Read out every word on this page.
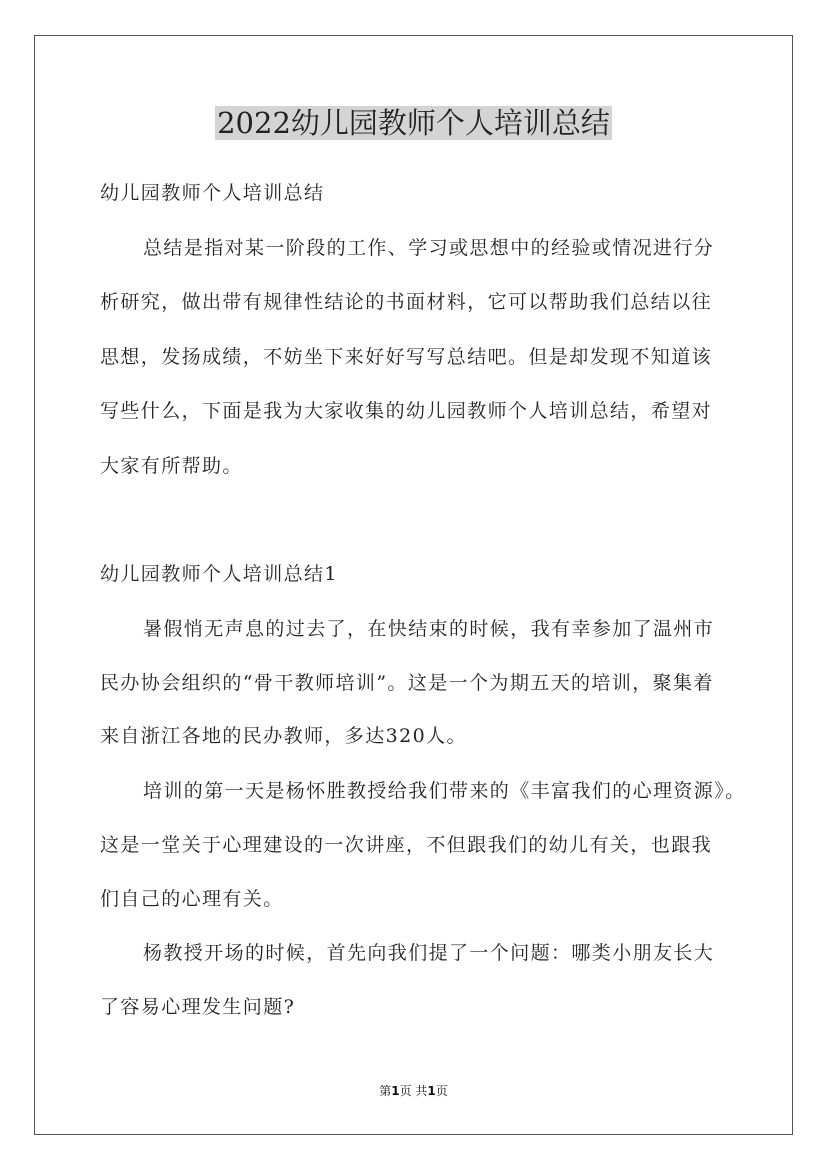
2022幼儿园教师个人培训总结
幼儿园教师个人培训总结
总结是指对某一阶段的工作、学习或思想中的经验或情况进行分
析研究，做出带有规律性结论的书面材料，它可以帮助我们总结以往
思想，发扬成绩，不妨坐下来好好写写总结吧。但是却发现不知道该
写些什么，下面是我为大家收集的幼儿园教师个人培训总结，希望对
大家有所帮助。
幼儿园教师个人培训总结1
暑假悄无声息的过去了，在快结束的时候，我有幸参加了温州市
民办协会组织的“骨干教师培训”。这是一个为期五天的培训，聚集着
来自浙江各地的民办教师，多达320人。
培训的第一天是杨怀胜教授给我们带来的《丰富我们的心理资源》。
这是一堂关于心理建设的一次讲座，不但跟我们的幼儿有关，也跟我
们自己的心理有关。
杨教授开场的时候，首先向我们提了一个问题：哪类小朋友长大
了容易心理发生问题?
第1页 共1页
